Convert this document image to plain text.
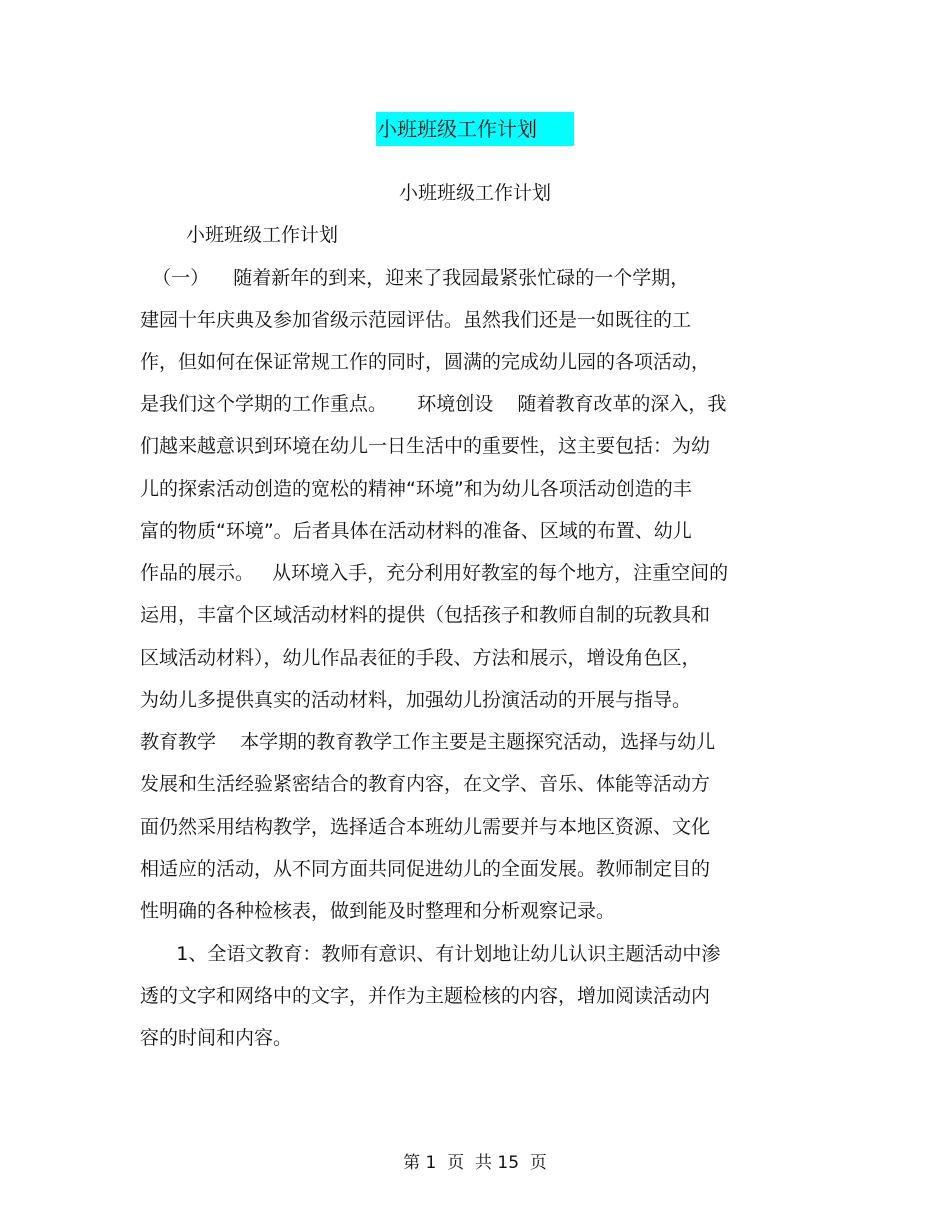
小班班级工作计划
小班班级工作计划
小班班级工作计划
（一）    随着新年的到来，迎来了我园最紧张忙碌的一个学期，
建园十年庆典及参加省级示范园评估。虽然我们还是一如既往的工
作，但如何在保证常规工作的同时，圆满的完成幼儿园的各项活动，
是我们这个学期的工作重点。     环境创设    随着教育改革的深入，我
们越来越意识到环境在幼儿一日生活中的重要性，这主要包括：为幼
儿的探索活动创造的宽松的精神“环境”和为幼儿各项活动创造的丰
富的物质“环境”。后者具体在活动材料的准备、区域的布置、幼儿
作品的展示。   从环境入手，充分利用好教室的每个地方，注重空间的
运用，丰富个区域活动材料的提供（包括孩子和教师自制的玩教具和
区域活动材料），幼儿作品表征的手段、方法和展示，增设角色区，
为幼儿多提供真实的活动材料，加强幼儿扮演活动的开展与指导。
教育教学    本学期的教育教学工作主要是主题探究活动，选择与幼儿
发展和生活经验紧密结合的教育内容，在文学、音乐、体能等活动方
面仍然采用结构教学，选择适合本班幼儿需要并与本地区资源、文化
相适应的活动，从不同方面共同促进幼儿的全面发展。教师制定目的
性明确的各种检核表，做到能及时整理和分析观察记录。
1、全语文教育：教师有意识、有计划地让幼儿认识主题活动中渗
透的文字和网络中的文字，并作为主题检核的内容，增加阅读活动内
容的时间和内容。
第 1  页  共 15  页
